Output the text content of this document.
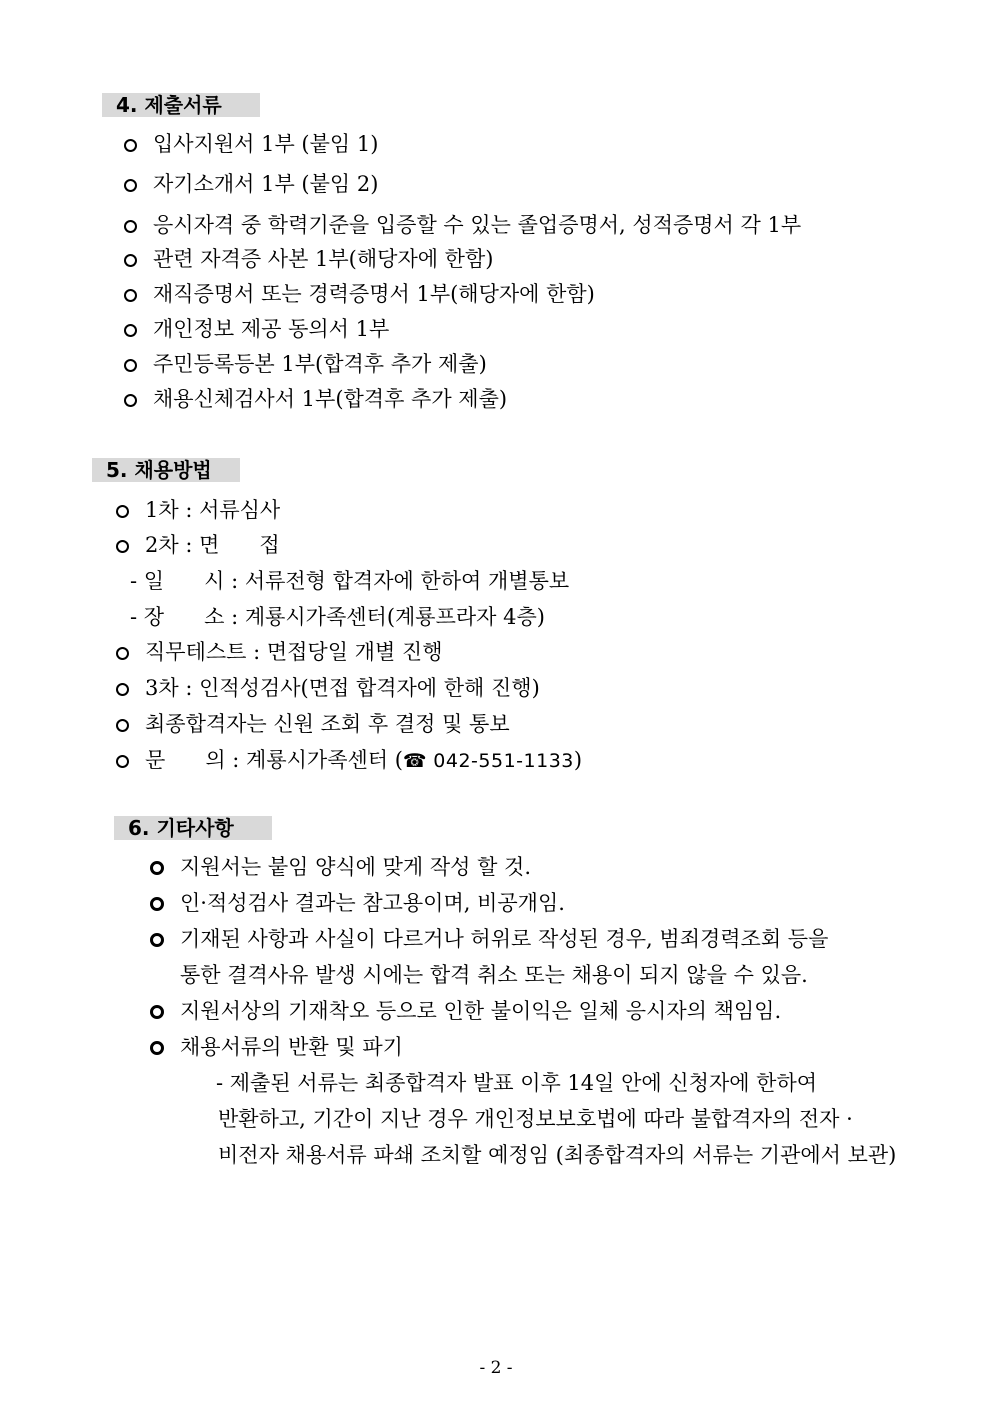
4. 제출서류
입사지원서 1부 (붙임 1)
자기소개서 1부 (붙임 2)
응시자격 중 학력기준을 입증할 수 있는 졸업증명서, 성적증명서 각 1부
관련 자격증 사본 1부(해당자에 한함)
재직증명서 또는 경력증명서 1부(해당자에 한함)
개인정보 제공 동의서 1부
주민등록등본 1부(합격후 추가 제출)
채용신체검사서 1부(합격후 추가 제출)
5. 채용방법
1차 : 서류심사
2차 : 면      접
- 일      시 : 서류전형 합격자에 한하여 개별통보
- 장      소 : 계룡시가족센터(계룡프라자 4층)
직무테스트 : 면접당일 개별 진행
3차 : 인적성검사(면접 합격자에 한해 진행)
최종합격자는 신원 조회 후 결정 및 통보
문      의 : 계룡시가족센터 (☎ 042-551-1133)
6. 기타사항
지원서는 붙임 양식에 맞게 작성 할 것.
인·적성검사 결과는 참고용이며, 비공개임.
기재된 사항과 사실이 다르거나 허위로 작성된 경우, 범죄경력조회 등을
통한 결격사유 발생 시에는 합격 취소 또는 채용이 되지 않을 수 있음.
지원서상의 기재착오 등으로 인한 불이익은 일체 응시자의 책임임.
채용서류의 반환 및 파기
- 제출된 서류는 최종합격자 발표 이후 14일 안에 신청자에 한하여
반환하고, 기간이 지난 경우 개인정보보호법에 따라 불합격자의 전자 ·
비전자 채용서류 파쇄 조치할 예정임 (최종합격자의 서류는 기관에서 보관)
- 2 -
